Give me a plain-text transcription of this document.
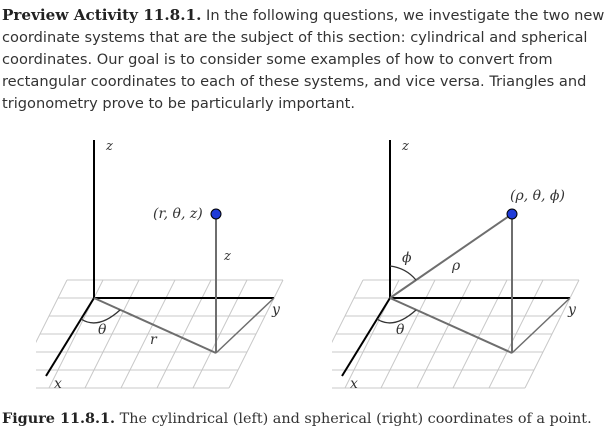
Preview Activity 11.8.1. In the following questions, we investigate the two new coordinate systems that are the subject of this section: cylindrical and spherical coordinates. Our goal is to consider some examples of how to convert from rectangular coordinates to each of these systems, and vice versa. Triangles and trigonometry prove to be particularly important.

(r, θ, z)
z
y
x
θ
r
z
(ρ, θ, ϕ)
z
y
x
θ
ϕ	ρ

Figure 11.8.1. The cylindrical (left) and spherical (right) coordinates of a point.
